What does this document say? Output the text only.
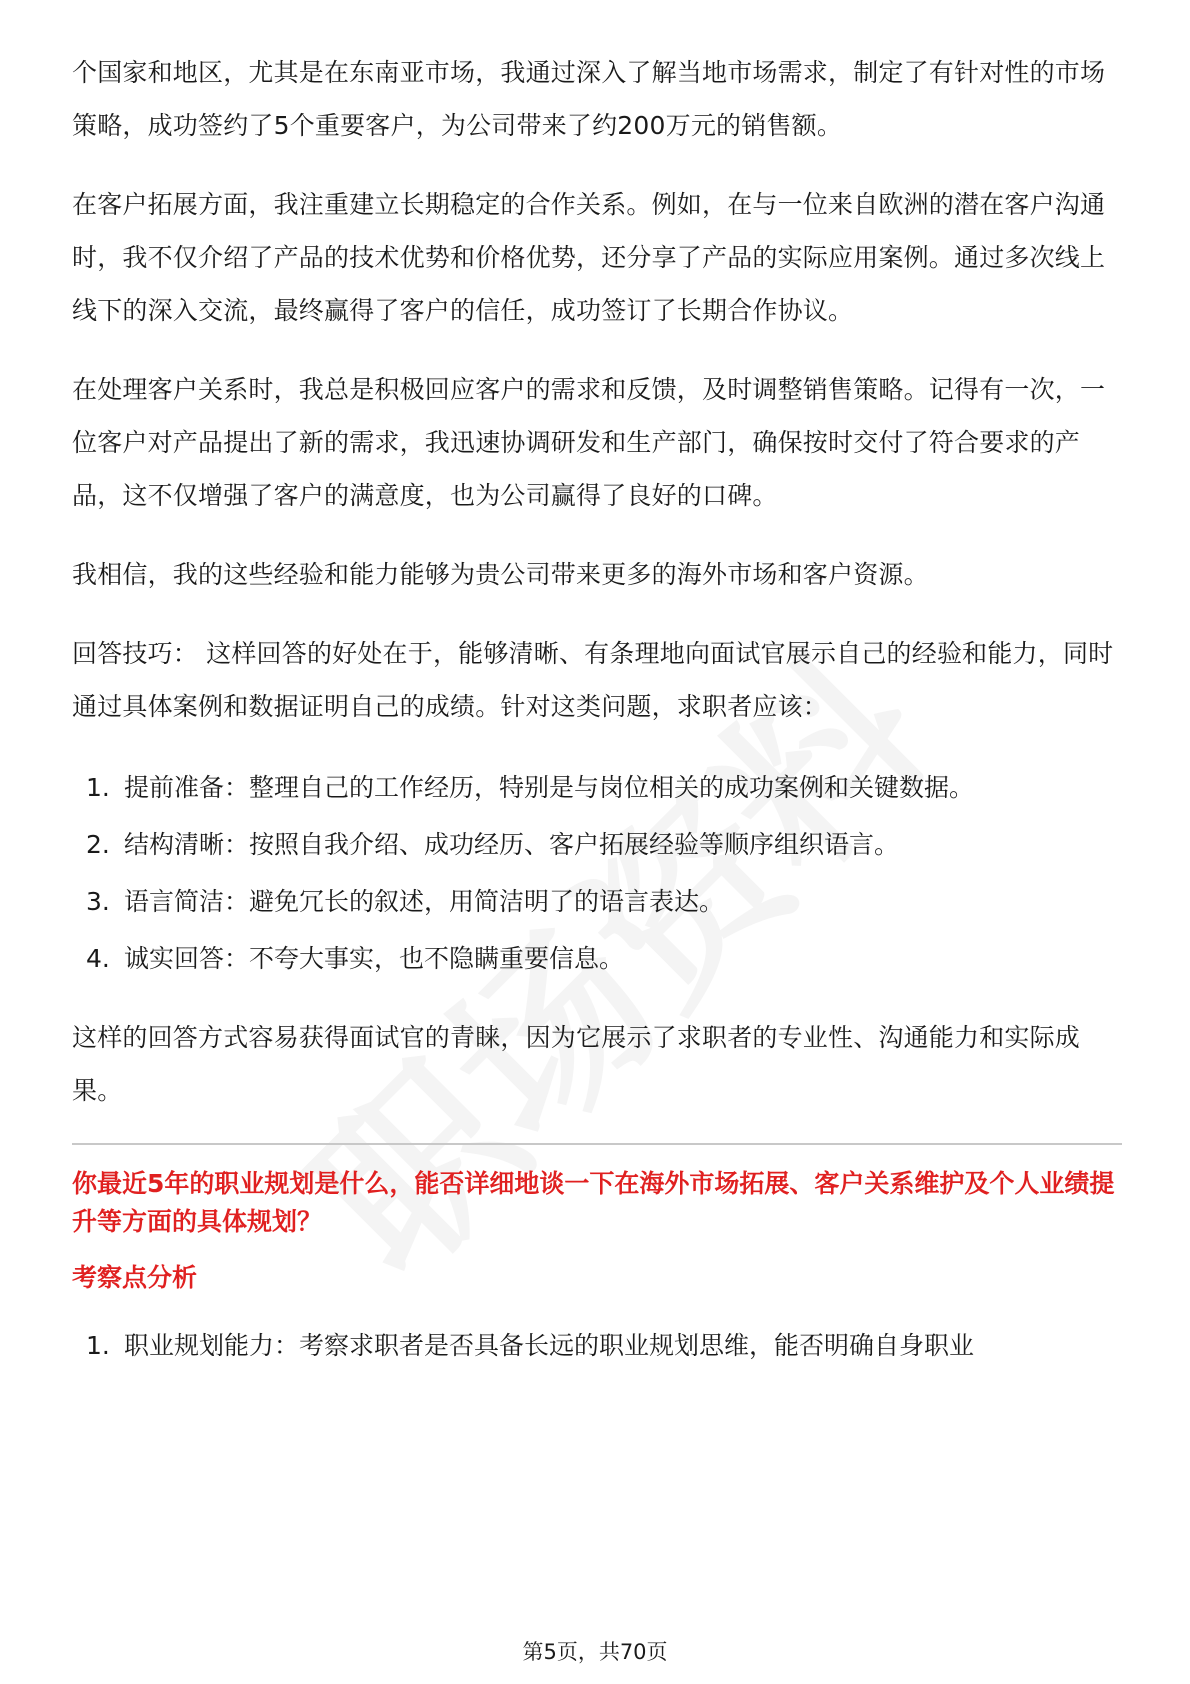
个国家和地区，尤其是在东南亚市场，我通过深入了解当地市场需求，制定了有针对性的市场策略，成功签约了5个重要客户，为公司带来了约200万元的销售额。

在客户拓展方面，我注重建立长期稳定的合作关系。例如，在与一位来自欧洲的潜在客户沟通时，我不仅介绍了产品的技术优势和价格优势，还分享了产品的实际应用案例。通过多次线上线下的深入交流，最终赢得了客户的信任，成功签订了长期合作协议。

在处理客户关系时，我总是积极回应客户的需求和反馈，及时调整销售策略。记得有一次，一位客户对产品提出了新的需求，我迅速协调研发和生产部门，确保按时交付了符合要求的产品，这不仅增强了客户的满意度，也为公司赢得了良好的口碑。

我相信，我的这些经验和能力能够为贵公司带来更多的海外市场和客户资源。

回答技巧： 这样回答的好处在于，能够清晰、有条理地向面试官展示自己的经验和能力，同时通过具体案例和数据证明自己的成绩。针对这类问题，求职者应该：

1. 提前准备：整理自己的工作经历，特别是与岗位相关的成功案例和关键数据。
2. 结构清晰：按照自我介绍、成功经历、客户拓展经验等顺序组织语言。
3. 语言简洁：避免冗长的叙述，用简洁明了的语言表达。
4. 诚实回答：不夸大事实，也不隐瞒重要信息。

这样的回答方式容易获得面试官的青睐，因为它展示了求职者的专业性、沟通能力和实际成果。

你最近5年的职业规划是什么，能否详细地谈一下在海外市场拓展、客户关系维护及个人业绩提升等方面的具体规划？
考察点分析
1. 职业规划能力：考察求职者是否具备长远的职业规划思维，能否明确自身职业
第5页，共70页
